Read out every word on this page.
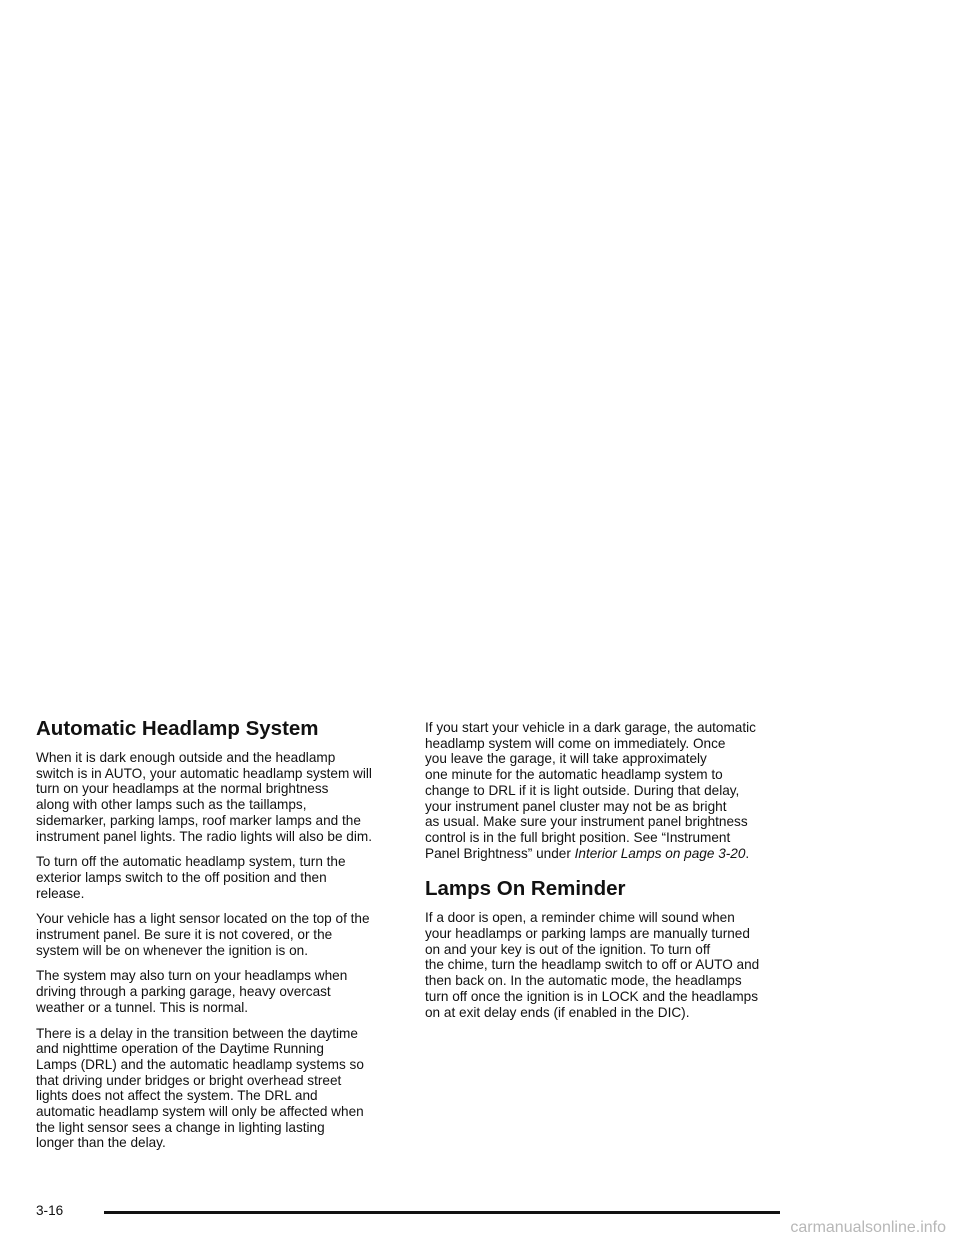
Automatic Headlamp System

When it is dark enough outside and the headlamp
switch is in AUTO, your automatic headlamp system will
turn on your headlamps at the normal brightness
along with other lamps such as the taillamps,
sidemarker, parking lamps, roof marker lamps and the
instrument panel lights. The radio lights will also be dim.

To turn off the automatic headlamp system, turn the
exterior lamps switch to the off position and then
release.

Your vehicle has a light sensor located on the top of the
instrument panel. Be sure it is not covered, or the
system will be on whenever the ignition is on.

The system may also turn on your headlamps when
driving through a parking garage, heavy overcast
weather or a tunnel. This is normal.

There is a delay in the transition between the daytime
and nighttime operation of the Daytime Running
Lamps (DRL) and the automatic headlamp systems so
that driving under bridges or bright overhead street
lights does not affect the system. The DRL and
automatic headlamp system will only be affected when
the light sensor sees a change in lighting lasting
longer than the delay.

If you start your vehicle in a dark garage, the automatic
headlamp system will come on immediately. Once
you leave the garage, it will take approximately
one minute for the automatic headlamp system to
change to DRL if it is light outside. During that delay,
your instrument panel cluster may not be as bright
as usual. Make sure your instrument panel brightness
control is in the full bright position. See “Instrument
Panel Brightness” under Interior Lamps on page 3-20.

Lamps On Reminder

If a door is open, a reminder chime will sound when
your headlamps or parking lamps are manually turned
on and your key is out of the ignition. To turn off
the chime, turn the headlamp switch to off or AUTO and
then back on. In the automatic mode, the headlamps
turn off once the ignition is in LOCK and the headlamps
on at exit delay ends (if enabled in the DIC).

3-16
carmanualsonline.info
